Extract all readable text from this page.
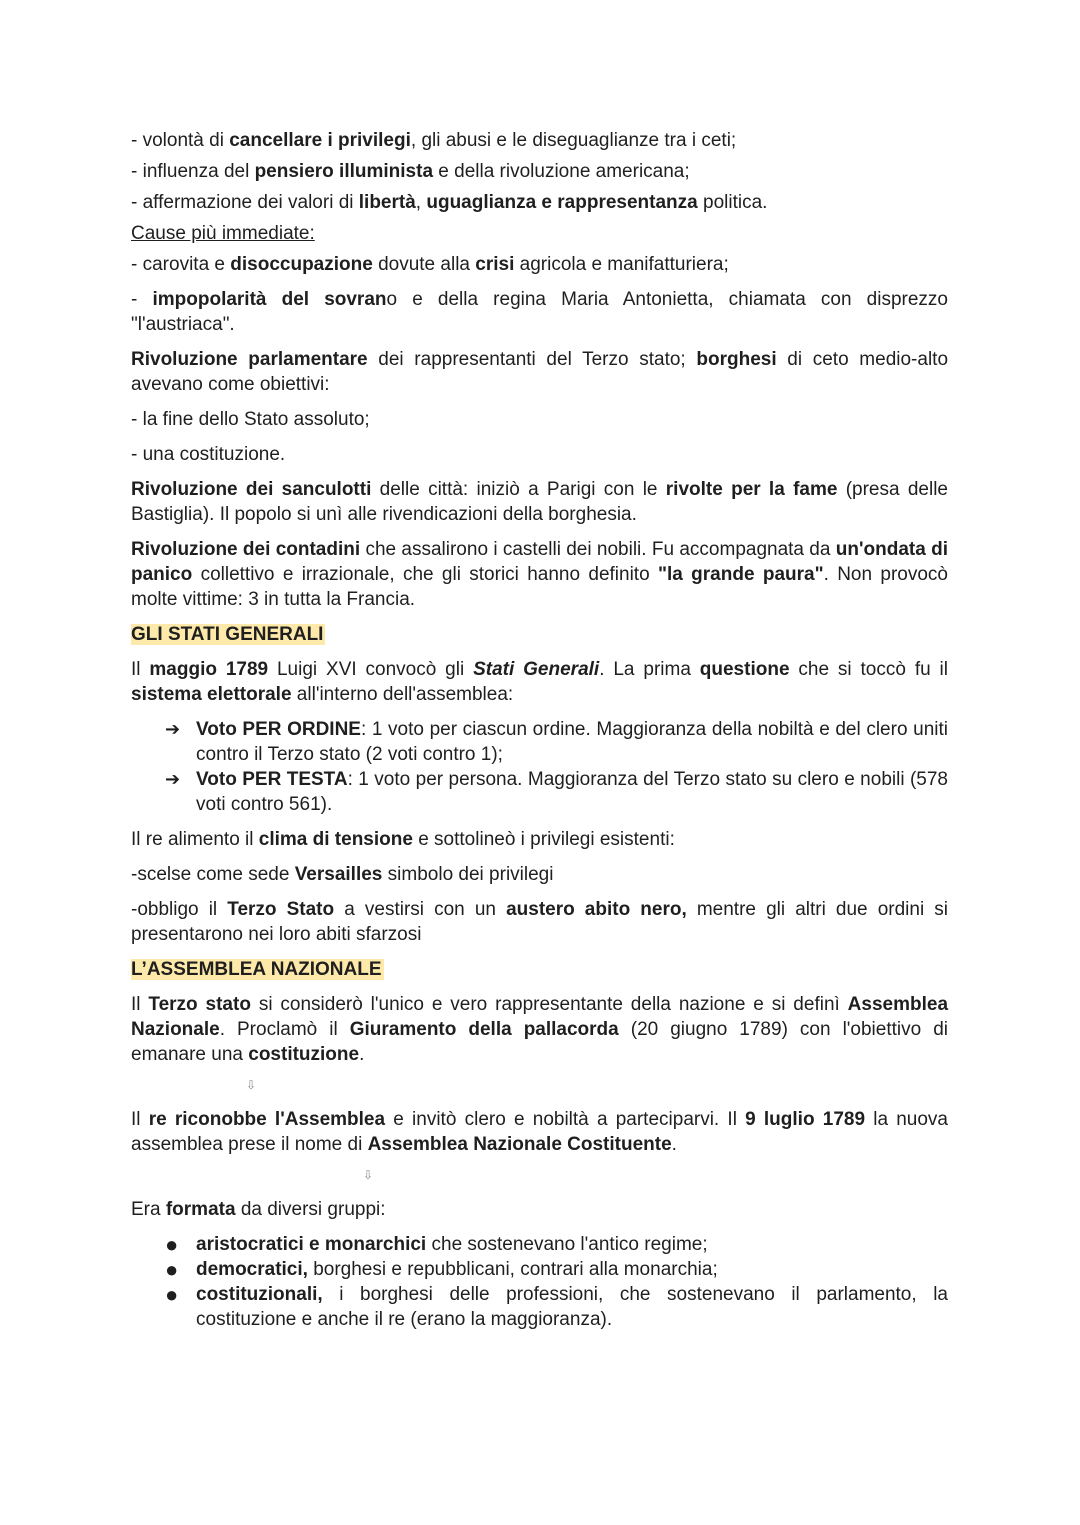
- volontà di cancellare i privilegi, gli abusi e le diseguaglianze tra i ceti;

- influenza del pensiero illuminista e della rivoluzione americana;

- affermazione dei valori di libertà, uguaglianza e rappresentanza politica.

Cause più immediate:

- carovita e disoccupazione dovute alla crisi agricola e manifatturiera;

- impopolarità del sovrano e della regina Maria Antonietta, chiamata con disprezzo "l'austriaca".

Rivoluzione parlamentare dei rappresentanti del Terzo stato; borghesi di ceto medio-alto avevano come obiettivi:

- la fine dello Stato assoluto;

- una costituzione.

Rivoluzione dei sanculotti delle città: iniziò a Parigi con le rivolte per la fame (presa delle Bastiglia). Il popolo si unì alle rivendicazioni della borghesia.

Rivoluzione dei contadini che assalirono i castelli dei nobili. Fu accompagnata da un'ondata di panico collettivo e irrazionale, che gli storici hanno definito "la grande paura". Non provocò molte vittime: 3 in tutta la Francia.

GLI STATI GENERALI

Il maggio 1789 Luigi XVI convocò gli Stati Generali. La prima questione che si toccò fu il sistema elettorale all'interno dell'assemblea:

➔ Voto PER ORDINE: 1 voto per ciascun ordine. Maggioranza della nobiltà e del clero uniti contro il Terzo stato (2 voti contro 1);
➔ Voto PER TESTA: 1 voto per persona. Maggioranza del Terzo stato su clero e nobili (578 voti contro 561).

Il re alimento il clima di tensione e sottolineò i privilegi esistenti:

-scelse come sede Versailles simbolo dei privilegi

-obbligo il Terzo Stato a vestirsi con un austero abito nero, mentre gli altri due ordini si presentarono nei loro abiti sfarzosi

L’ASSEMBLEA NAZIONALE

Il Terzo stato si considerò l'unico e vero rappresentante della nazione e si definì Assemblea Nazionale. Proclamò il Giuramento della pallacorda (20 giugno 1789) con l'obiettivo di emanare una costituzione.

⇩

Il re riconobbe l'Assemblea e invitò clero e nobiltà a parteciparvi. Il 9 luglio 1789 la nuova assemblea prese il nome di Assemblea Nazionale Costituente.

⇩

Era formata da diversi gruppi:

● aristocratici e monarchici che sostenevano l'antico regime;
● democratici, borghesi e repubblicani, contrari alla monarchia;
● costituzionali, i borghesi delle professioni, che sostenevano il parlamento, la costituzione e anche il re (erano la maggioranza).
